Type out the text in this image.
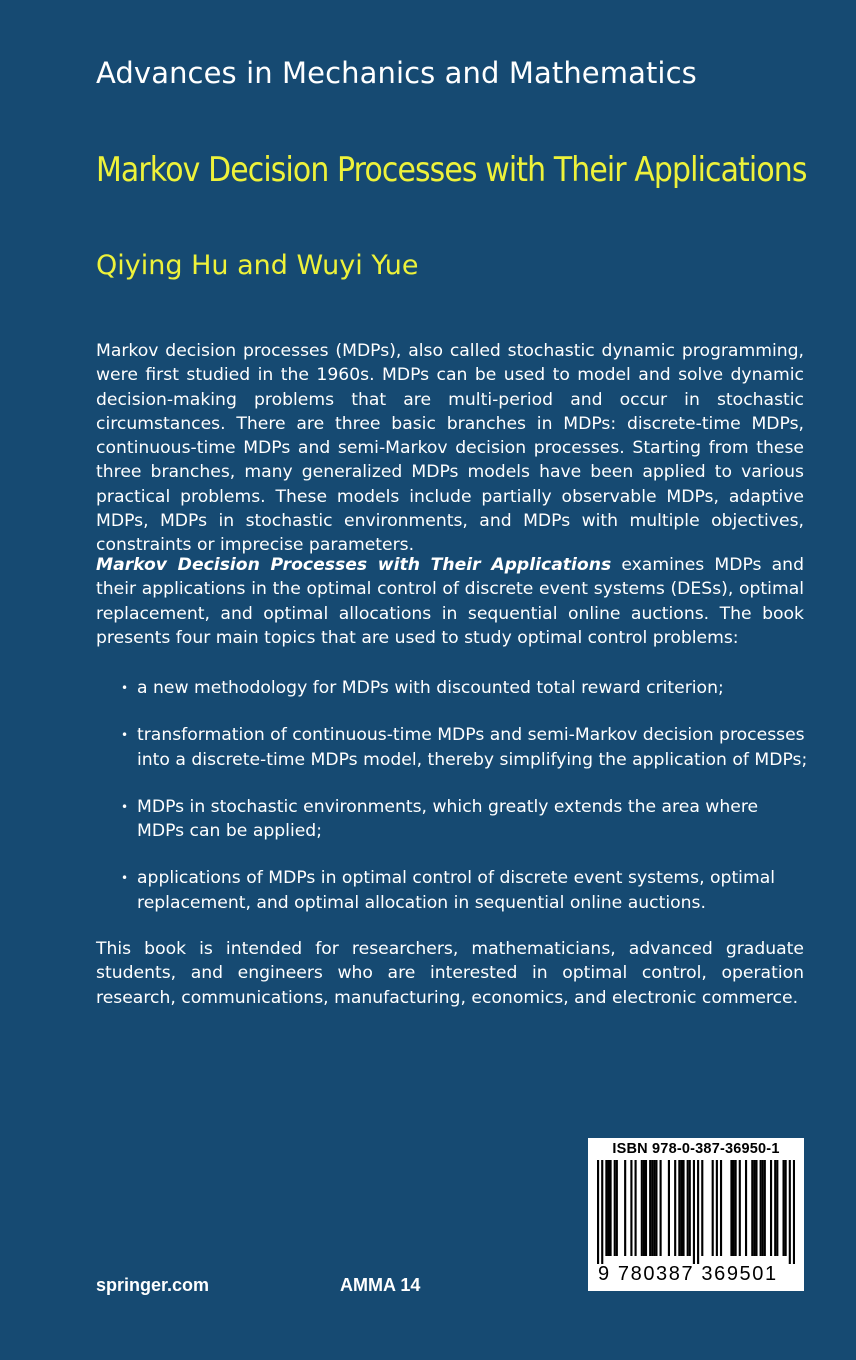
Advances in Mechanics and Mathematics
Markov Decision Processes with Their Applications
Qiying Hu and Wuyi Yue
Markov decision processes (MDPs), also called stochastic dynamic programming, were first studied in the 1960s. MDPs can be used to model and solve dynamic decision-making problems that are multi-period and occur in stochastic circumstances. There are three basic branches in MDPs: discrete-time MDPs, continuous-time MDPs and semi-Markov decision processes. Starting from these three branches, many generalized MDPs models have been applied to various practical problems. These models include partially observable MDPs, adaptive MDPs, MDPs in stochastic environments, and MDPs with multiple objectives, constraints or imprecise parameters.
Markov Decision Processes with Their Applications examines MDPs and their applications in the optimal control of discrete event systems (DESs), optimal replacement, and optimal allocations in sequential online auctions. The book presents four main topics that are used to study optimal control problems:
• a new methodology for MDPs with discounted total reward criterion;
• transformation of continuous-time MDPs and semi-Markov decision processes into a discrete-time MDPs model, thereby simplifying the application of MDPs;
• MDPs in stochastic environments, which greatly extends the area where MDPs can be applied;
• applications of MDPs in optimal control of discrete event systems, optimal replacement, and optimal allocation in sequential online auctions.
This book is intended for researchers, mathematicians, advanced graduate students, and engineers who are interested in optimal control, operation research, communications, manufacturing, economics, and electronic commerce.
springer.com	AMMA 14
ISBN 978-0-387-36950-1
9 780387 369501
